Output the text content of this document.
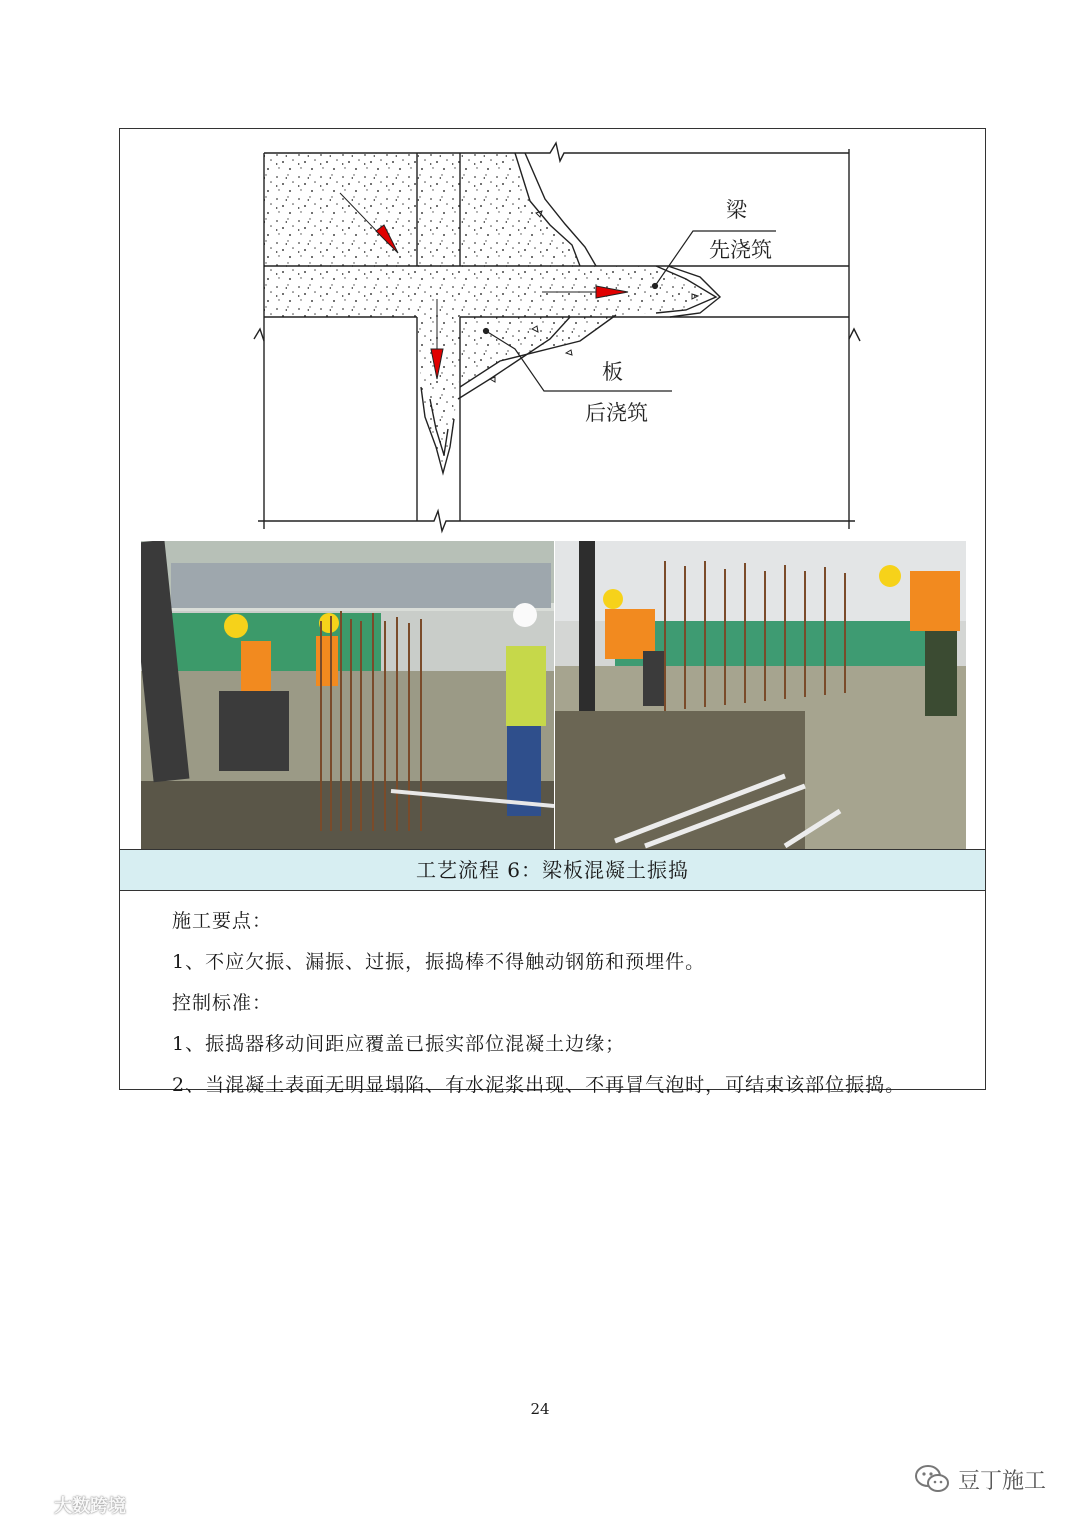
梁
先浇筑
板
后浇筑
工艺流程 6：梁板混凝土振捣
施工要点：
1、不应欠振、漏振、过振，振捣棒不得触动钢筋和预埋件。
控制标准：
1、振捣器移动间距应覆盖已振实部位混凝土边缘；
2、当混凝土表面无明显塌陷、有水泥浆出现、不再冒气泡时，可结束该部位振捣。
24
豆丁施工
大数跨境
